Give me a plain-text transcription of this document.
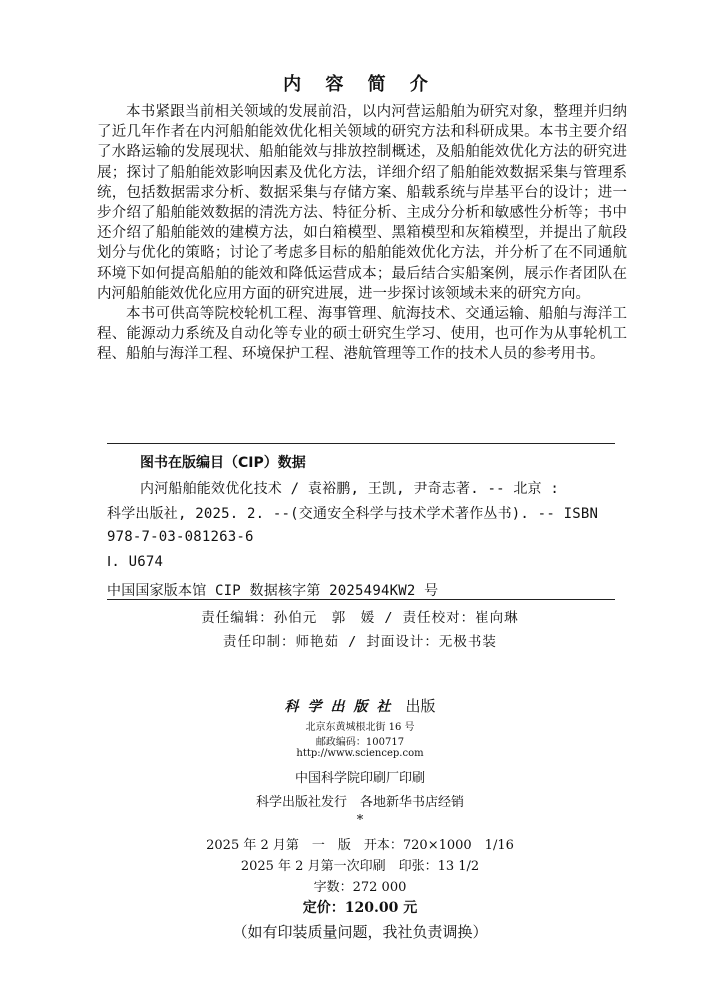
内 容 简 介

本书紧跟当前相关领域的发展前沿，以内河营运船舶为研究对象，整理并归纳了近几年作者在内河船舶能效优化相关领域的研究方法和科研成果。本书主要介绍了水路运输的发展现状、船舶能效与排放控制概述，及船舶能效优化方法的研究进展；探讨了船舶能效影响因素及优化方法，详细介绍了船舶能效数据采集与管理系统，包括数据需求分析、数据采集与存储方案、船载系统与岸基平台的设计；进一步介绍了船舶能效数据的清洗方法、特征分析、主成分分析和敏感性分析等；书中还介绍了船舶能效的建模方法，如白箱模型、黑箱模型和灰箱模型，并提出了航段划分与优化的策略；讨论了考虑多目标的船舶能效优化方法，并分析了在不同通航环境下如何提高船舶的能效和降低运营成本；最后结合实船案例，展示作者团队在内河船舶能效优化应用方面的研究进展，进一步探讨该领域未来的研究方向。

本书可供高等院校轮机工程、海事管理、航海技术、交通运输、船舶与海洋工程、能源动力系统及自动化等专业的硕士研究生学习、使用，也可作为从事轮机工程、船舶与海洋工程、环境保护工程、港航管理等工作的技术人员的参考用书。

图书在版编目（CIP）数据
内河船舶能效优化技术 / 袁裕鹏, 王凯, 尹奇志著. -- 北京 :
科学出版社, 2025. 2. --(交通安全科学与技术学术著作丛书). -- ISBN
978-7-03-081263-6
Ⅰ. U674
中国国家版本馆 CIP 数据核字第 2025494KW2 号
责任编辑：孙伯元　郭　媛 / 责任校对：崔向琳
责任印制：师艳茹 / 封面设计：无极书装
科学出版社 出版
北京东黄城根北街 16 号
邮政编码：100717
http://www.sciencep.com
中国科学院印刷厂印刷
科学出版社发行　各地新华书店经销
*
2025 年 2 月第　一　版　开本：720×1000　1/16
2025 年 2 月第一次印刷　印张：13 1/2
字数：272 000
定价：120.00 元
（如有印装质量问题，我社负责调换）
